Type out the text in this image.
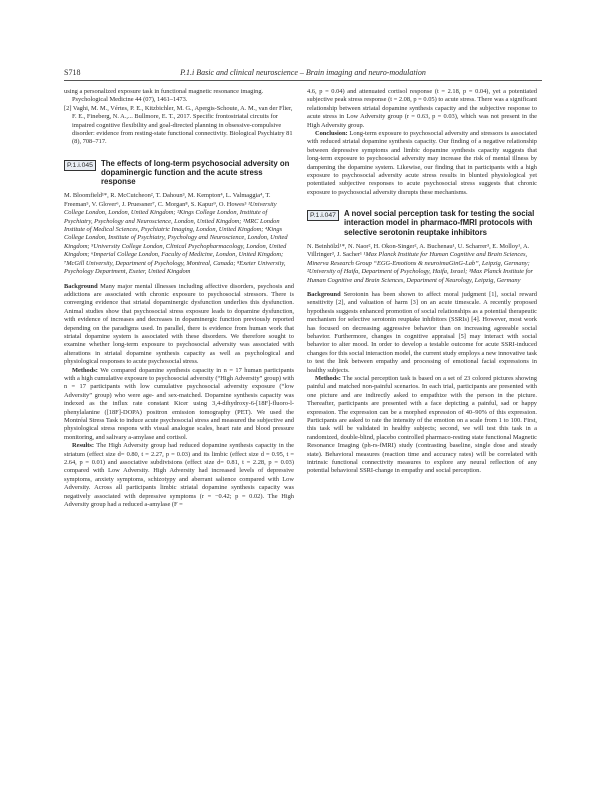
S718	P.1.i Basic and clinical neuroscience – Brain imaging and neuro-modulation

using a personalized exposure task in functional magnetic resonance imaging. Psychological Medicine 44 (07), 1461–1473.

[2] Vaghi, M. M., Vértes, P. E., Kitzbichler, M. G., Apergis-Schoute, A. M., van der Flier, F. E., Fineberg, N. A.,... Bullmore, E. T., 2017. Specific frontostriatal circuits for impaired cognitive flexibility and goal-directed planning in obsessive-compulsive disorder: evidence from resting-state functional connectivity. Biological Psychiatry 81 (8), 708–717.

P.1.i.045	The effects of long-term psychosocial adversity on dopaminergic function and the acute stress response
M. Bloomfield¹*, R. McCutcheon², T. Dahoun³, M. Kempton⁴, L. Valmaggia⁴, T. Freeman⁵, V. Glover⁶, J. Pruessner⁷, C. Morgan⁸, S. Kapur⁹, O. Howes³ ¹University College London, London, United Kingdom; ²Kings College London, Institute of Psychiatry, Psychology and Neuroscience, London, United Kingdom; ³MRC London Institute of Medical Sciences, Psychiatric Imaging, London, United Kingdom; ⁴Kings College London, Institute of Psychiatry, Psychology and Neuroscience, London, United Kingdom; ⁵University College London, Clinical Psychopharmacology, London, United Kingdom; ⁶Imperial College London, Faculty of Medicine, London, United Kingdom; ⁷McGill University, Department of Psychology, Montreal, Canada; ⁸Exeter University, Psychology Department, Exeter, United Kingdom

Background Many major mental illnesses including affective disorders, psychosis and addictions are associated with chronic exposure to psychosocial stressors. There is converging evidence that striatal dopaminergic dysfunction underlies this dysfunction. Animal studies show that psychosocial stress exposure leads to dopamine dysfunction, with evidence of increases and decreases in dopaminergic function previously reported depending on the paradigms used. In parallel, there is evidence from human work that striatal dopamine system is associated with these disorders. We therefore sought to examine whether long-term exposure to psychosocial adversity was associated with alterations in striatal dopamine synthesis capacity as well as psychological and physiological responses to acute psychosocial stress.

Methods: We compared dopamine synthesis capacity in n = 17 human participants with a high cumulative exposure to psychosocial adversity (“High Adversity” group) with n = 17 participants with low cumulative psychosocial adversity exposure (“low Adversity” group) who were age- and sex-matched. Dopamine synthesis capacity was indexed as the influx rate constant Kicer using 3,4-dihydroxy-6-[18F]-fluoro-l-phenylalanine ([18F]-DOPA) positron emission tomography (PET). We used the Montréal Stress Task to induce acute psychosocial stress and measured the subjective and physiological stress respons with visual analogue scales, heart rate and blood pressure monitoring, and salivary a-amylase and cortisol.

Results: The High Adversity group had reduced dopamine synthesis capacity in the striatum (effect size d= 0.80, t = 2.27, p = 0.03) and its limbic (effect size d = 0.95, t = 2.64, p = 0.01) and associative subdivisions (effect size d= 0.81, t = 2.28, p = 0.03) compared with Low Adversity. High Adversity had increased levels of depressive symptoms, anxiety symptoms, schizotypy and aberrant salience compared with Low Adversity. Across all participants limbic striatal dopamine synthesis capacity was negatively associated with depressive symptoms (r = −0.42; p = 0.02). The High Adversity group had a reduced a-amylase (F =

4.6, p = 0.04) and attenuated cortisol response (t = 2.18, p = 0.04), yet a potentiated subjective peak stress response (t = 2.08, p = 0.05) to acute stress. There was a significant relationship between striatal dopamine synthesis capacity and the subjective response to acute stress in Low Adversity group (r = 0.63, p = 0.03), which was not present in the High Adversity group.

Conclusion: Long-term exposure to psychosocial adversity and stressors is associated with reduced striatal dopamine synthesis capacity. Our finding of a negative relationship between depressive symptoms and limbic dopamine synthesis capacity suggests that long-term exposure to psychosocial adversity may increase the risk of mental illness by dampening the dopamine system. Likewise, our finding that in participants with a high exposure to psychosocial adversity acute stress results in blunted physiological yet potentiated subjective responses to acute psychosocial stress suggests that chronic exposure to psychosocial adversity disrupts these mechanisms.

P.1.i.047	A novel social perception task for testing the social interaction model in pharmaco-fMRI protocols with selective serotonin reuptake inhibitors
N. Beinhölzl¹*, N. Naor², H. Okon-Singer², A. Buchenau¹, U. Scharrer³, E. Molloy¹, A. Villringer³, J. Sacher¹ ¹Max Planck Institute for Human Cognitive and Brain Sciences, Minerva Research Group “EGG-Emotions & neuroimaGinG-Lab”, Leipzig, Germany; ²University of Haifa, Department of Psychology, Haifa, Israel; ³Max Planck Institute for Human Cognitive and Brain Sciences, Department of Neurology, Leipzig, Germany

Background Serotonin has been shown to affect moral judgment [1], social reward sensitivity [2], and valuation of harm [3] on an acute timescale. A recently proposed hypothesis suggests enhanced promotion of social relationships as a potential therapeutic mechanism for selective serotonin reuptake inhibitors (SSRIs) [4]. However, most work has focused on decreasing aggressive behavior than on increasing agreeable social behavior. Furthermore, changes in cognitive appraisal [5] may interact with social behavior to alter mood. In order to develop a testable outcome for acute SSRI-induced changes for this social interaction model, the current study employs a new innovative task to test the link between empathy and processing of emotional facial expressions in healthy subjects.

Methods: The social perception task is based on a set of 23 colored pictures showing painful and matched non-painful scenarios. In each trial, participants are presented with one picture and are indirectly asked to empathize with the person in the picture. Thereafter, participants are presented with a face depicting a painful, sad or happy expression. The expression can be a morphed expression of 40–90% of this expression. Participants are asked to rate the intensity of the emotion on a scale from 1 to 100. First, this task will be validated in healthy subjects; second, we will test this task in a randomized, double-blind, placebo controlled pharmaco-resting state functional Magnetic Resonance Imaging (ph-rs-fMRI) study (contrasting baseline, single dose and steady state). Behavioral measures (reaction time and accuracy rates) will be correlated with intrinsic functional connectivity measures to explore any neural reflection of any potential behavioral SSRI-change in empathy and social perception.
